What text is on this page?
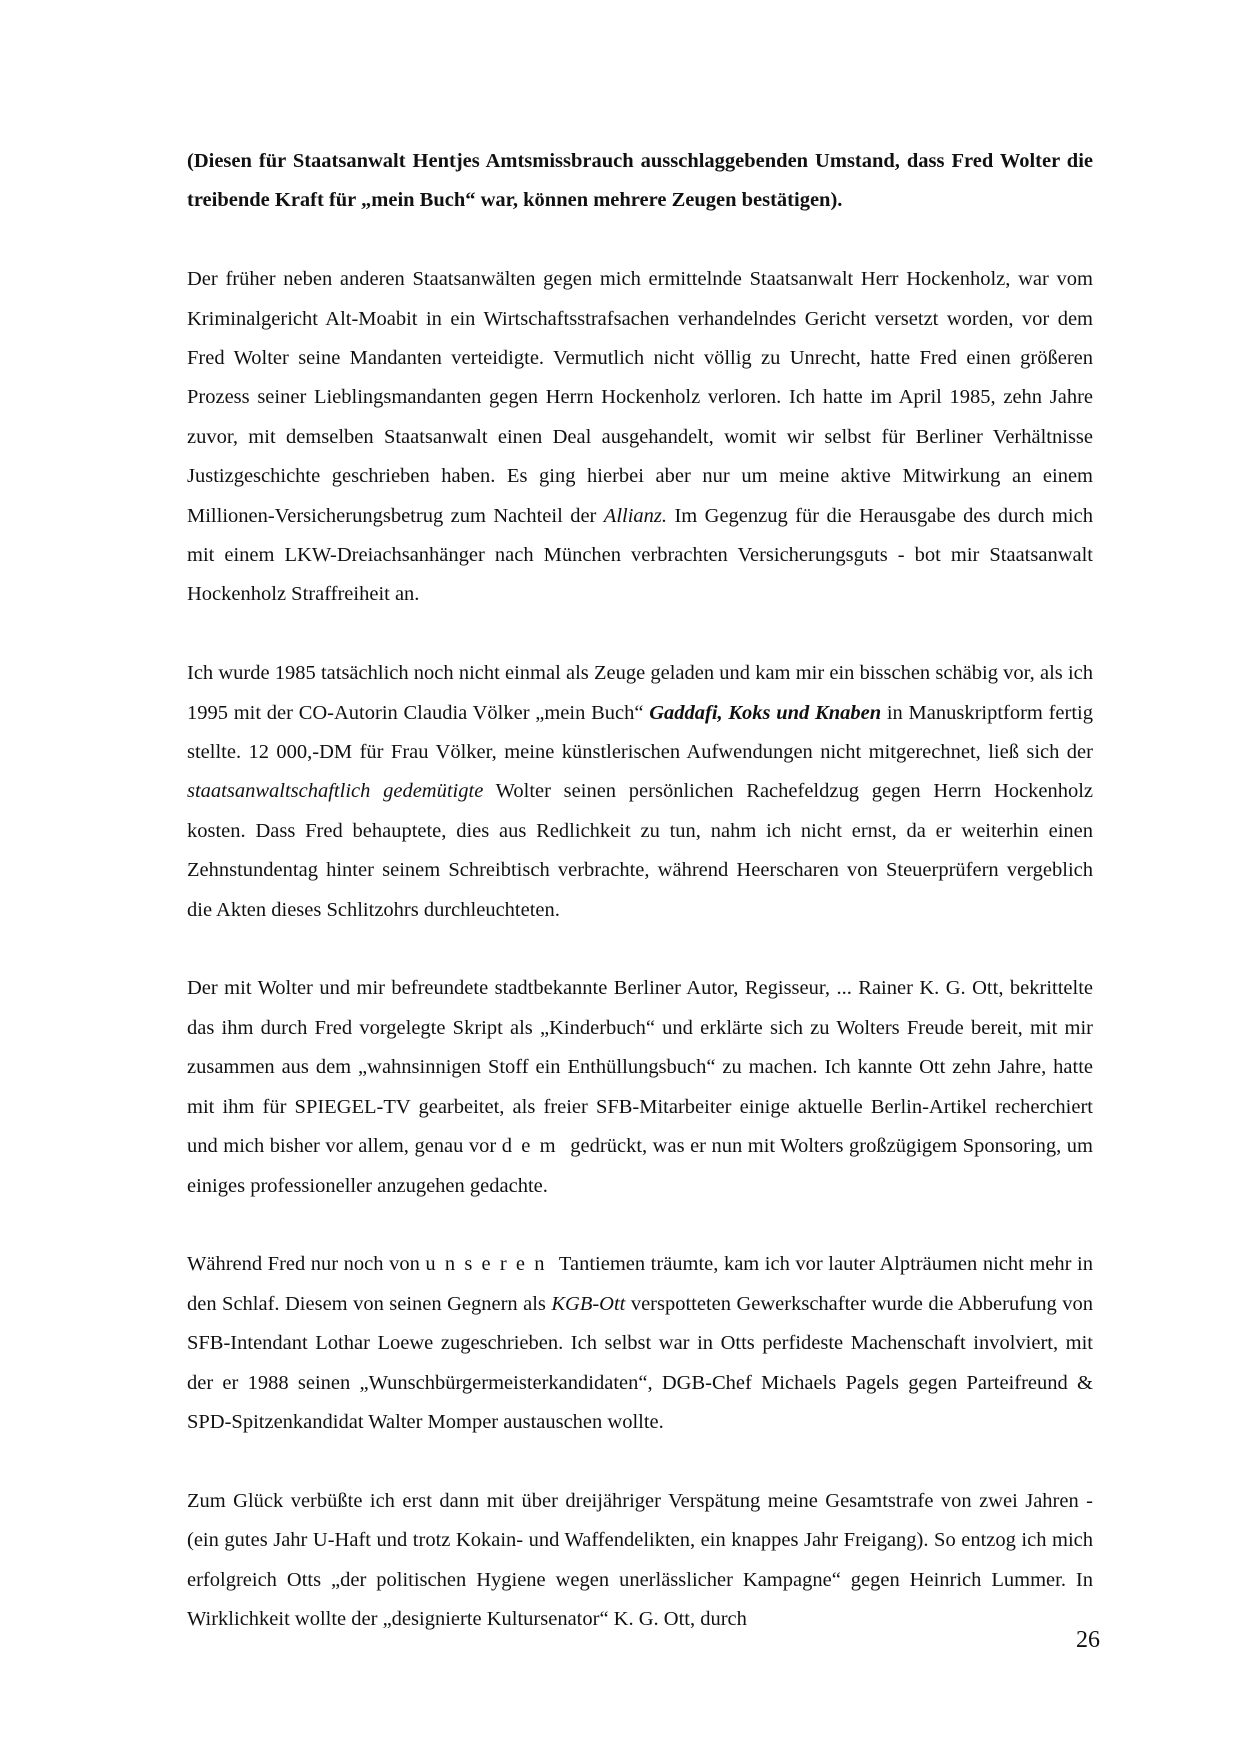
(Diesen für Staatsanwalt Hentjes Amtsmissbrauch ausschlaggebenden Umstand, dass Fred Wolter die treibende Kraft für „mein Buch“ war, können mehrere Zeugen bestätigen).

Der früher neben anderen Staatsanwälten gegen mich ermittelnde Staatsanwalt Herr Hockenholz, war vom Kriminalgericht Alt-Moabit in ein Wirtschaftsstrafsachen verhandelndes Gericht versetzt worden, vor dem Fred Wolter seine Mandanten verteidigte. Vermutlich nicht völlig zu Unrecht, hatte Fred einen größeren Prozess seiner Lieblingsmandanten gegen Herrn Hockenholz verloren. Ich hatte im April 1985, zehn Jahre zuvor, mit demselben Staatsanwalt einen Deal ausgehandelt, womit wir selbst für Berliner Verhältnisse Justizgeschichte geschrieben haben. Es ging hierbei aber nur um meine aktive Mitwirkung an einem Millionen-Versicherungsbetrug zum Nachteil der Allianz. Im Gegenzug für die Herausgabe des durch mich mit einem LKW-Dreiachsanhänger nach München verbrachten Versicherungsguts - bot mir Staatsanwalt Hockenholz Straffreiheit an.

Ich wurde 1985 tatsächlich noch nicht einmal als Zeuge geladen und kam mir ein bisschen schäbig vor, als ich 1995 mit der CO-Autorin Claudia Völker „mein Buch“ Gaddafi, Koks und Knaben in Manuskriptform fertig stellte. 12 000,-DM für Frau Völker, meine künstlerischen Aufwendungen nicht mitgerechnet, ließ sich der staatsanwaltschaftlich gedemütigte Wolter seinen persönlichen Rachefeldzug gegen Herrn Hockenholz kosten. Dass Fred behauptete, dies aus Redlichkeit zu tun, nahm ich nicht ernst, da er weiterhin einen Zehnstundentag hinter seinem Schreibtisch verbrachte, während Heerscharen von Steuerprüfern vergeblich die Akten dieses Schlitzohrs durchleuchteten.

Der mit Wolter und mir befreundete stadtbekannte Berliner Autor, Regisseur, ... Rainer K. G. Ott, bekrittelte das ihm durch Fred vorgelegte Skript als „Kinderbuch“ und erklärte sich zu Wolters Freude bereit, mit mir zusammen aus dem „wahnsinnigen Stoff ein Enthüllungsbuch“ zu machen. Ich kannte Ott zehn Jahre, hatte mit ihm für SPIEGEL-TV gearbeitet, als freier SFB-Mitarbeiter einige aktuelle Berlin-Artikel recherchiert und mich bisher vor allem, genau vor dem gedrückt, was er nun mit Wolters großzügigem Sponsoring, um einiges professioneller anzugehen gedachte.

Während Fred nur noch von unseren Tantiemen träumte, kam ich vor lauter Alpträumen nicht mehr in den Schlaf. Diesem von seinen Gegnern als KGB-Ott verspotteten Gewerkschafter wurde die Abberufung von SFB-Intendant Lothar Loewe zugeschrieben. Ich selbst war in Otts perfideste Machenschaft involviert, mit der er 1988 seinen „Wunschbürgermeisterkandidaten“, DGB-Chef Michaels Pagels gegen Parteifreund & SPD-Spitzenkandidat Walter Momper austauschen wollte.

Zum Glück verbüßte ich erst dann mit über dreijähriger Verspätung meine Gesamtstrafe von zwei Jahren - (ein gutes Jahr U-Haft und trotz Kokain- und Waffendelikten, ein knappes Jahr Freigang). So entzog ich mich erfolgreich Otts „der politischen Hygiene wegen unerlässlicher Kampagne“ gegen Heinrich Lummer. In Wirklichkeit wollte der „designierte Kultursenator“ K. G. Ott, durch

26
